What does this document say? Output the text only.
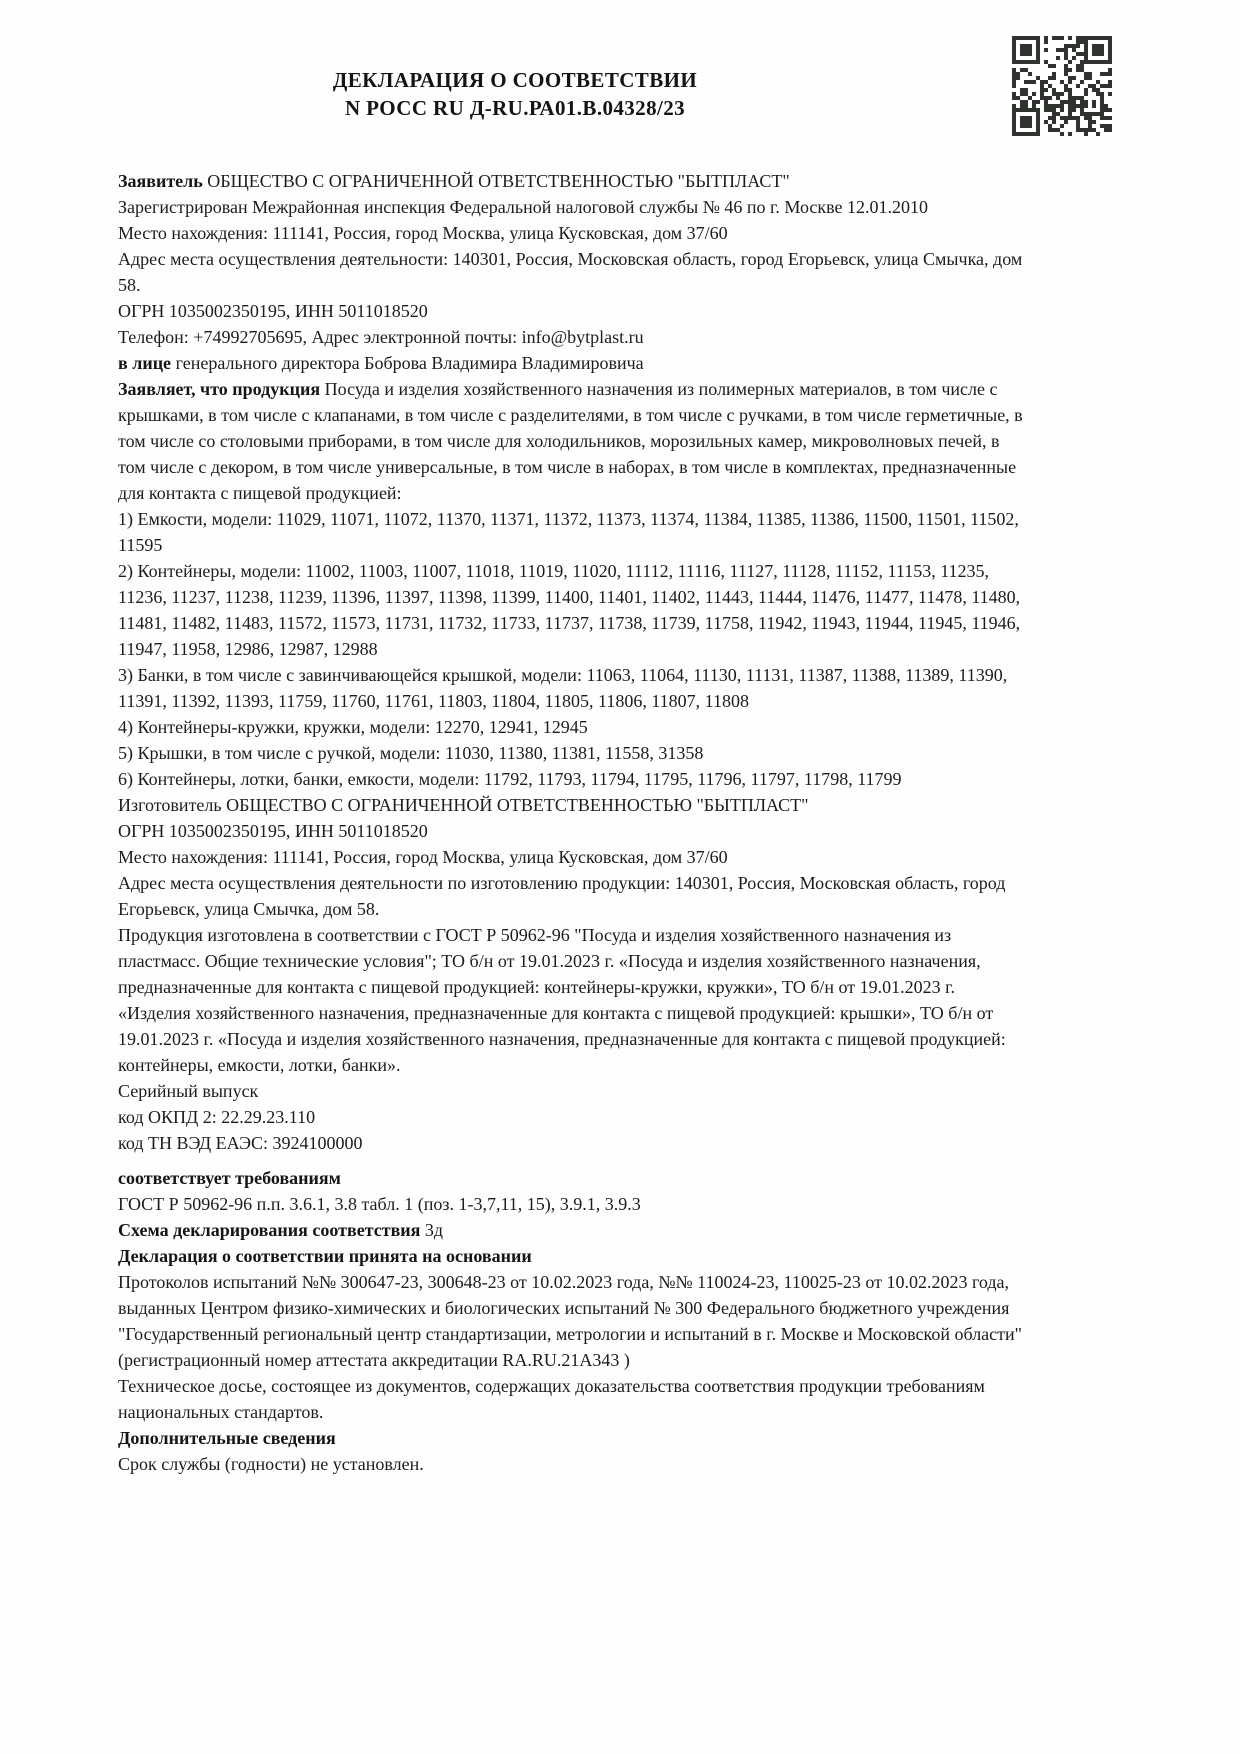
ДЕКЛАРАЦИЯ О СООТВЕТСТВИИ
N РОСС RU Д-RU.РА01.В.04328/23

Заявитель ОБЩЕСТВО С ОГРАНИЧЕННОЙ ОТВЕТСТВЕННОСТЬЮ "БЫТПЛАСТ"

Зарегистрирован Межрайонная инспекция Федеральной налоговой службы № 46 по г. Москве 12.01.2010

Место нахождения: 111141, Россия, город Москва, улица Кусковская, дом 37/60

Адрес места осуществления деятельности: 140301, Россия, Московская область, город Егорьевск, улица Смычка, дом 58.

ОГРН 1035002350195, ИНН 5011018520

Телефон: +74992705695, Адрес электронной почты: info@bytplast.ru

в лице генерального директора Боброва Владимира Владимировича

Заявляет, что продукция Посуда и изделия хозяйственного назначения из полимерных материалов, в том числе с крышками, в том числе с клапанами, в том числе с разделителями, в том числе с ручками, в том числе герметичные, в том числе со столовыми приборами, в том числе для холодильников, морозильных камер, микроволновых печей, в том числе с декором, в том числе универсальные, в том числе в наборах, в том числе в комплектах, предназначенные для контакта с пищевой продукцией:

1) Емкости, модели: 11029, 11071, 11072, 11370, 11371, 11372, 11373, 11374, 11384, 11385, 11386, 11500, 11501, 11502, 11595

2) Контейнеры, модели: 11002, 11003, 11007, 11018, 11019, 11020, 11112, 11116, 11127, 11128, 11152, 11153, 11235, 11236, 11237, 11238, 11239, 11396, 11397, 11398, 11399, 11400, 11401, 11402, 11443, 11444, 11476, 11477, 11478, 11480, 11481, 11482, 11483, 11572, 11573, 11731, 11732, 11733, 11737, 11738, 11739, 11758, 11942, 11943, 11944, 11945, 11946, 11947, 11958, 12986, 12987, 12988

3) Банки, в том числе с завинчивающейся крышкой, модели: 11063, 11064, 11130, 11131, 11387, 11388, 11389, 11390, 11391, 11392, 11393, 11759, 11760, 11761, 11803, 11804, 11805, 11806, 11807, 11808

4) Контейнеры-кружки, кружки, модели: 12270, 12941, 12945

5) Крышки, в том числе с ручкой, модели: 11030, 11380, 11381, 11558, 31358

6) Контейнеры, лотки, банки, емкости, модели: 11792, 11793, 11794, 11795, 11796, 11797, 11798, 11799

Изготовитель ОБЩЕСТВО С ОГРАНИЧЕННОЙ ОТВЕТСТВЕННОСТЬЮ "БЫТПЛАСТ"

ОГРН 1035002350195, ИНН 5011018520

Место нахождения: 111141, Россия, город Москва, улица Кусковская, дом 37/60

Адрес места осуществления деятельности по изготовлению продукции: 140301, Россия, Московская область, город Егорьевск, улица Смычка, дом 58.

Продукция изготовлена в соответствии с ГОСТ Р 50962-96 "Посуда и изделия хозяйственного назначения из пластмасс. Общие технические условия"; ТО б/н от 19.01.2023 г. «Посуда и изделия хозяйственного назначения, предназначенные для контакта с пищевой продукцией: контейнеры-кружки, кружки», ТО б/н от 19.01.2023 г. «Изделия хозяйственного назначения, предназначенные для контакта с пищевой продукцией: крышки», ТО б/н от 19.01.2023 г. «Посуда и изделия хозяйственного назначения, предназначенные для контакта с пищевой продукцией: контейнеры, емкости, лотки, банки».

Серийный выпуск

код ОКПД 2: 22.29.23.110

код ТН ВЭД ЕАЭС: 3924100000

соответствует требованиям

ГОСТ Р 50962-96 п.п. 3.6.1, 3.8 табл. 1 (поз. 1-3,7,11, 15), 3.9.1, 3.9.3

Схема декларирования соответствия 3д

Декларация о соответствии принята на основании

Протоколов испытаний №№ 300647-23, 300648-23 от 10.02.2023 года, №№ 110024-23, 110025-23 от 10.02.2023 года, выданных Центром физико-химических и биологических испытаний № 300 Федерального бюджетного учреждения "Государственный региональный центр стандартизации, метрологии и испытаний в г. Москве и Московской области" (регистрационный номер аттестата аккредитации RA.RU.21A343 )

Техническое досье, состоящее из документов, содержащих доказательства соответствия продукции требованиям национальных стандартов.

Дополнительные сведения

Срок службы (годности) не установлен.
